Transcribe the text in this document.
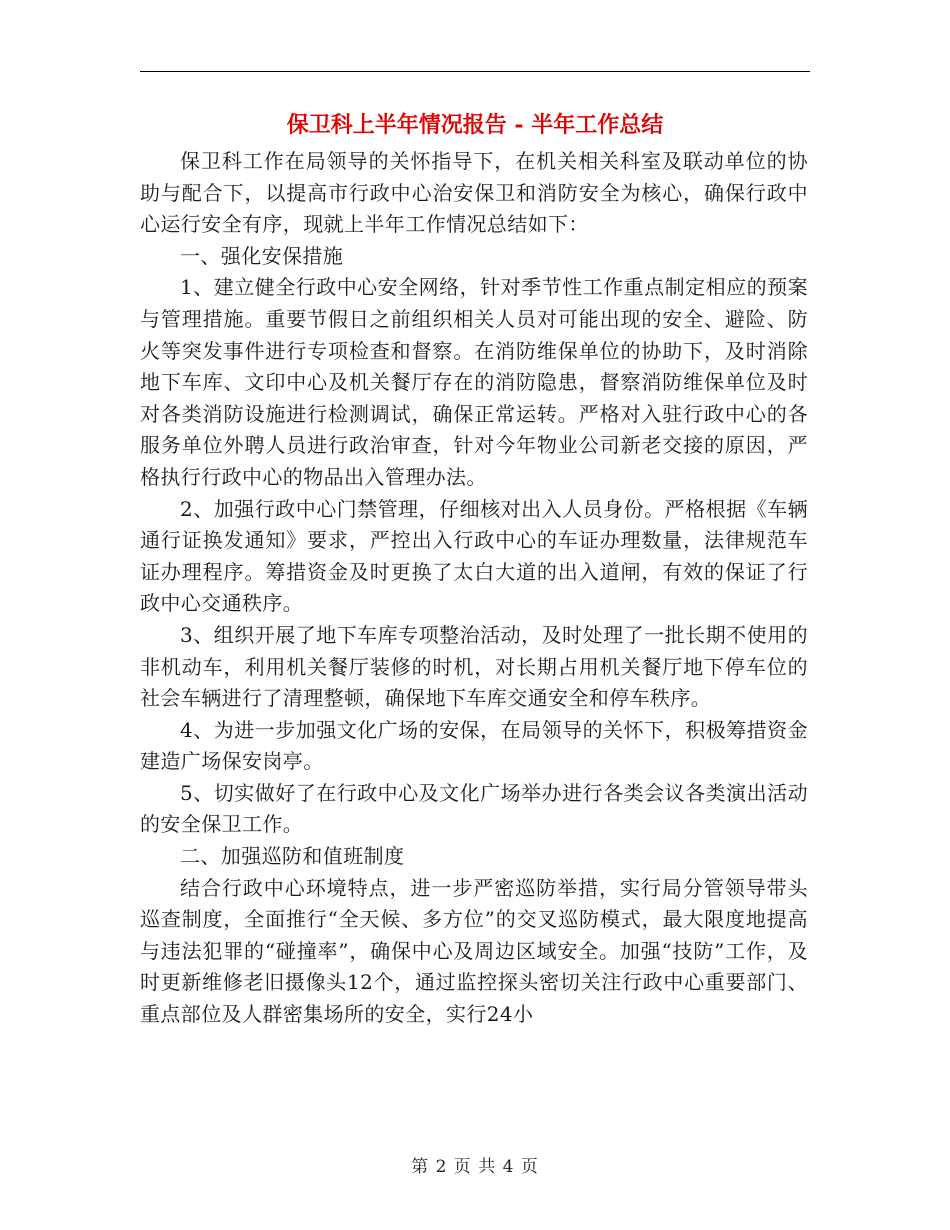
保卫科上半年情况报告 - 半年工作总结

保卫科工作在局领导的关怀指导下，在机关相关科室及联动单位的协助与配合下，以提高市行政中心治安保卫和消防安全为核心，确保行政中心运行安全有序，现就上半年工作情况总结如下：

一、强化安保措施

1、建立健全行政中心安全网络，针对季节性工作重点制定相应的预案与管理措施。重要节假日之前组织相关人员对可能出现的安全、避险、防火等突发事件进行专项检查和督察。在消防维保单位的协助下，及时消除地下车库、文印中心及机关餐厅存在的消防隐患，督察消防维保单位及时对各类消防设施进行检测调试，确保正常运转。严格对入驻行政中心的各服务单位外聘人员进行政治审查，针对今年物业公司新老交接的原因，严格执行行政中心的物品出入管理办法。

2、加强行政中心门禁管理，仔细核对出入人员身份。严格根据《车辆通行证换发通知》要求，严控出入行政中心的车证办理数量，法律规范车证办理程序。筹措资金及时更换了太白大道的出入道闸，有效的保证了行政中心交通秩序。

3、组织开展了地下车库专项整治活动，及时处理了一批长期不使用的非机动车，利用机关餐厅装修的时机，对长期占用机关餐厅地下停车位的社会车辆进行了清理整顿，确保地下车库交通安全和停车秩序。

4、为进一步加强文化广场的安保，在局领导的关怀下，积极筹措资金建造广场保安岗亭。

5、切实做好了在行政中心及文化广场举办进行各类会议各类演出活动的安全保卫工作。

二、加强巡防和值班制度

结合行政中心环境特点，进一步严密巡防举措，实行局分管领导带头巡查制度，全面推行“全天候、多方位”的交叉巡防模式，最大限度地提高与违法犯罪的“碰撞率”，确保中心及周边区域安全。加强“技防”工作，及时更新维修老旧摄像头12个，通过监控探头密切关注行政中心重要部门、重点部位及人群密集场所的安全，实行24小

第 2 页 共 4 页
